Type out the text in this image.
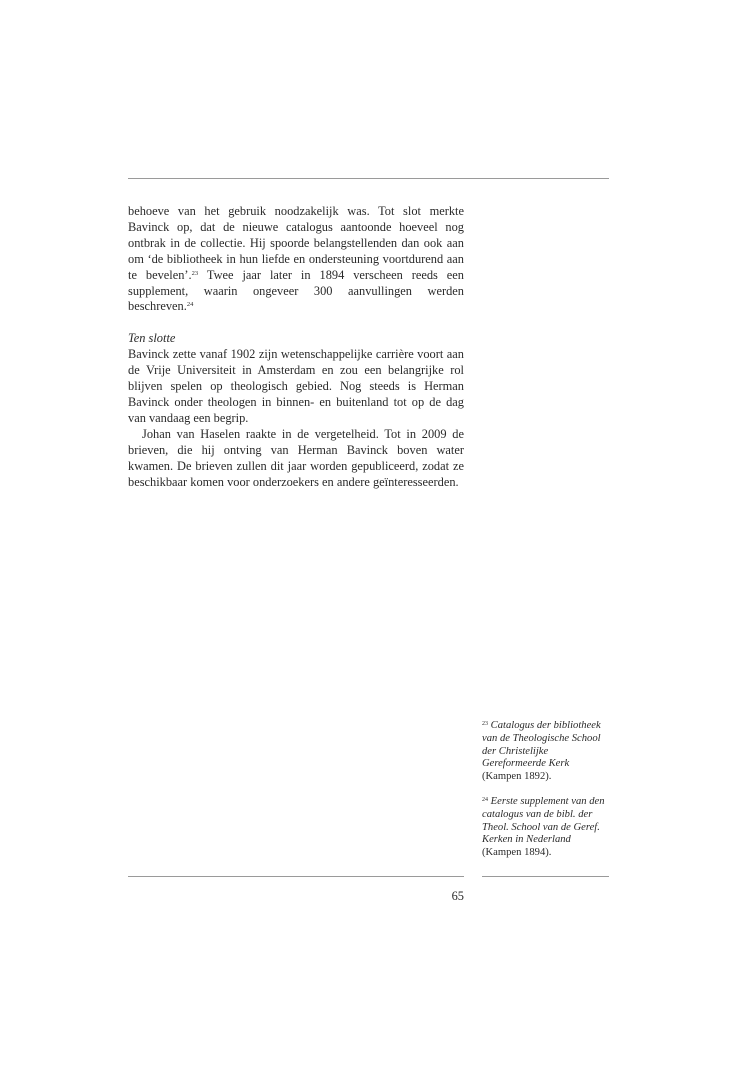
behoeve van het gebruik noodzakelijk was. Tot slot merkte Bavinck op, dat de nieuwe catalogus aantoonde hoeveel nog ontbrak in de collectie. Hij spoorde belangstellenden dan ook aan om ‘de bibliotheek in hun liefde en ondersteuning voortdurend aan te bevelen’.$^{23}$ Twee jaar later in 1894 verscheen reeds een supplement, waarin ongeveer 300 aanvullingen werden beschreven.$^{24}$

Ten slotte

Bavinck zette vanaf 1902 zijn wetenschappelijke carrière voort aan de Vrije Universiteit in Amsterdam en zou een belangrijke rol blijven spelen op theologisch gebied. Nog steeds is Herman Bavinck onder theologen in binnen- en buitenland tot op de dag van vandaag een begrip.

Johan van Haselen raakte in de vergetelheid. Tot in 2009 de brieven, die hij ontving van Herman Bavinck boven water kwamen. De brieven zullen dit jaar worden gepubliceerd, zodat ze beschikbaar komen voor onderzoekers en andere geïnteresseerden.

$^{23}$ Catalogus der bibliotheek van de Theologische School der Christelijke Gereformeerde Kerk (Kampen 1892).

$^{24}$ Eerste supplement van den catalogus van de bibl. der Theol. School van de Geref. Kerken in Nederland (Kampen 1894).

65
